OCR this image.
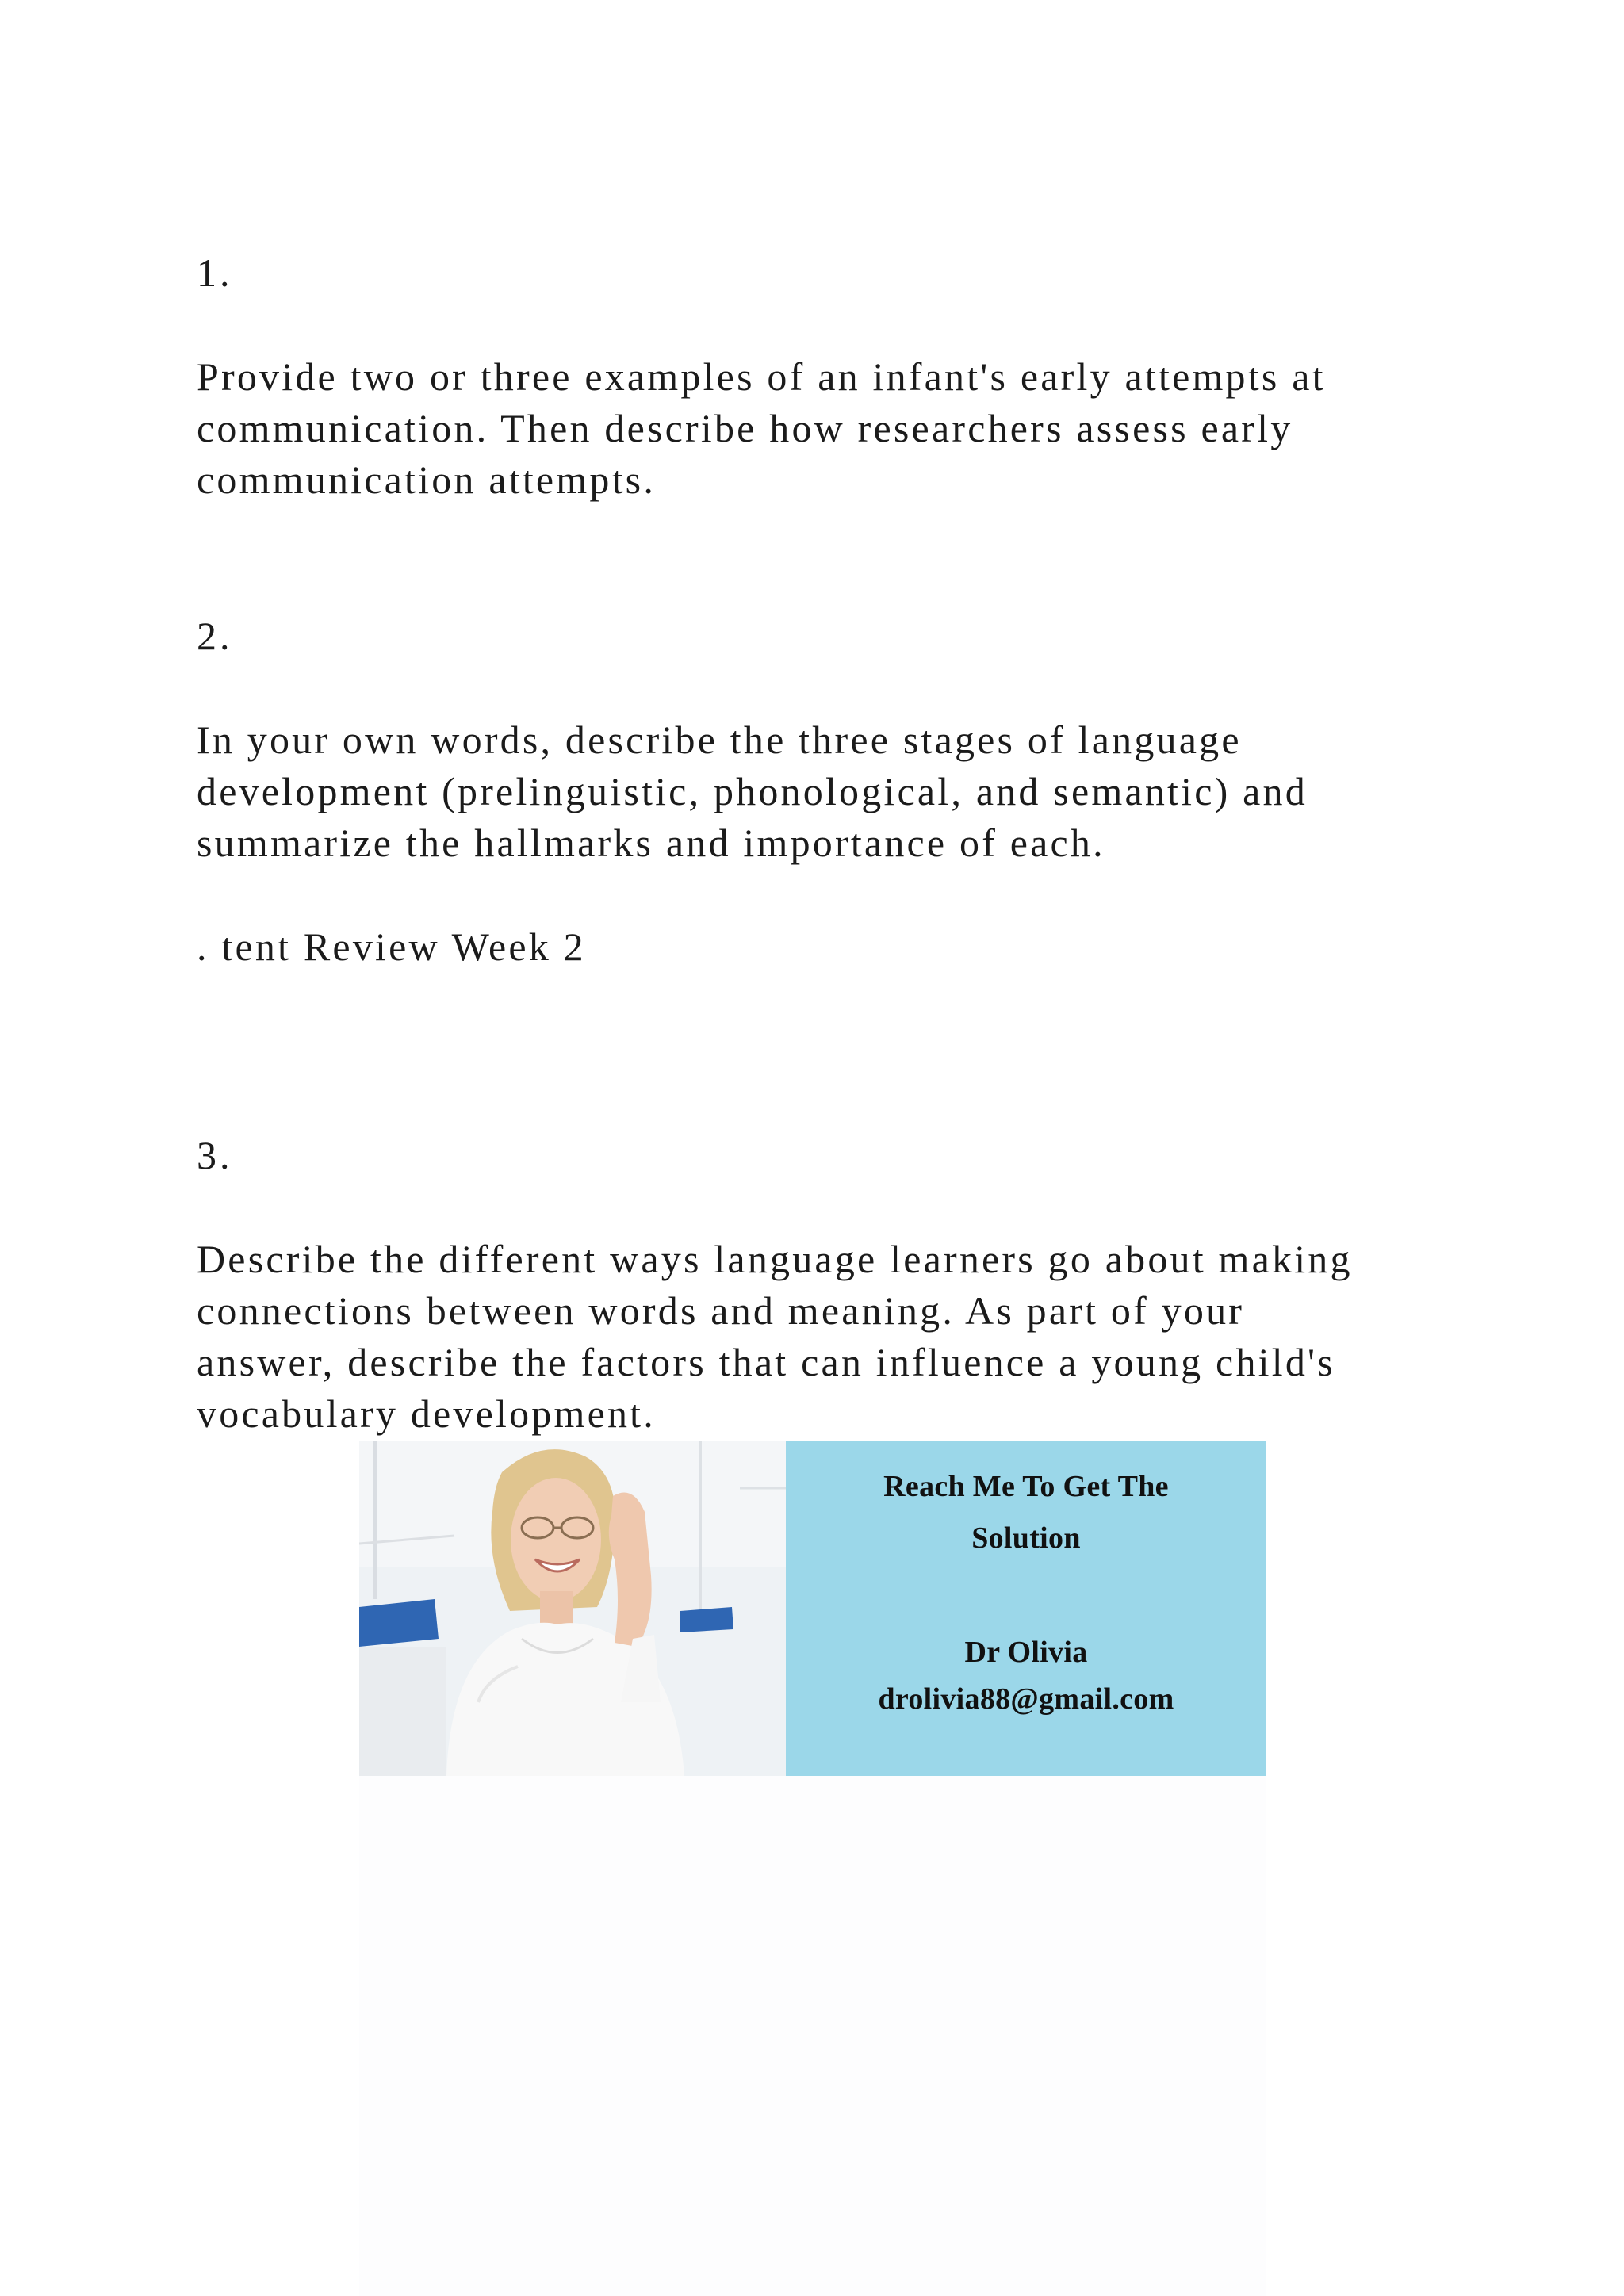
1.

Provide two or three examples of an infant's early attempts at

communication. Then describe how researchers assess early

communication attempts.

2.

In your own words, describe the three stages of language

development (prelinguistic, phonological, and semantic) and

summarize the hallmarks and importance of each.

. tent Review Week 2

3.

Describe the different ways language learners go about making

connections between words and meaning. As part of your

answer, describe the factors that can influence a young child's

vocabulary development.

Reach Me To Get The
Solution
Dr Olivia
drolivia88@gmail.com
